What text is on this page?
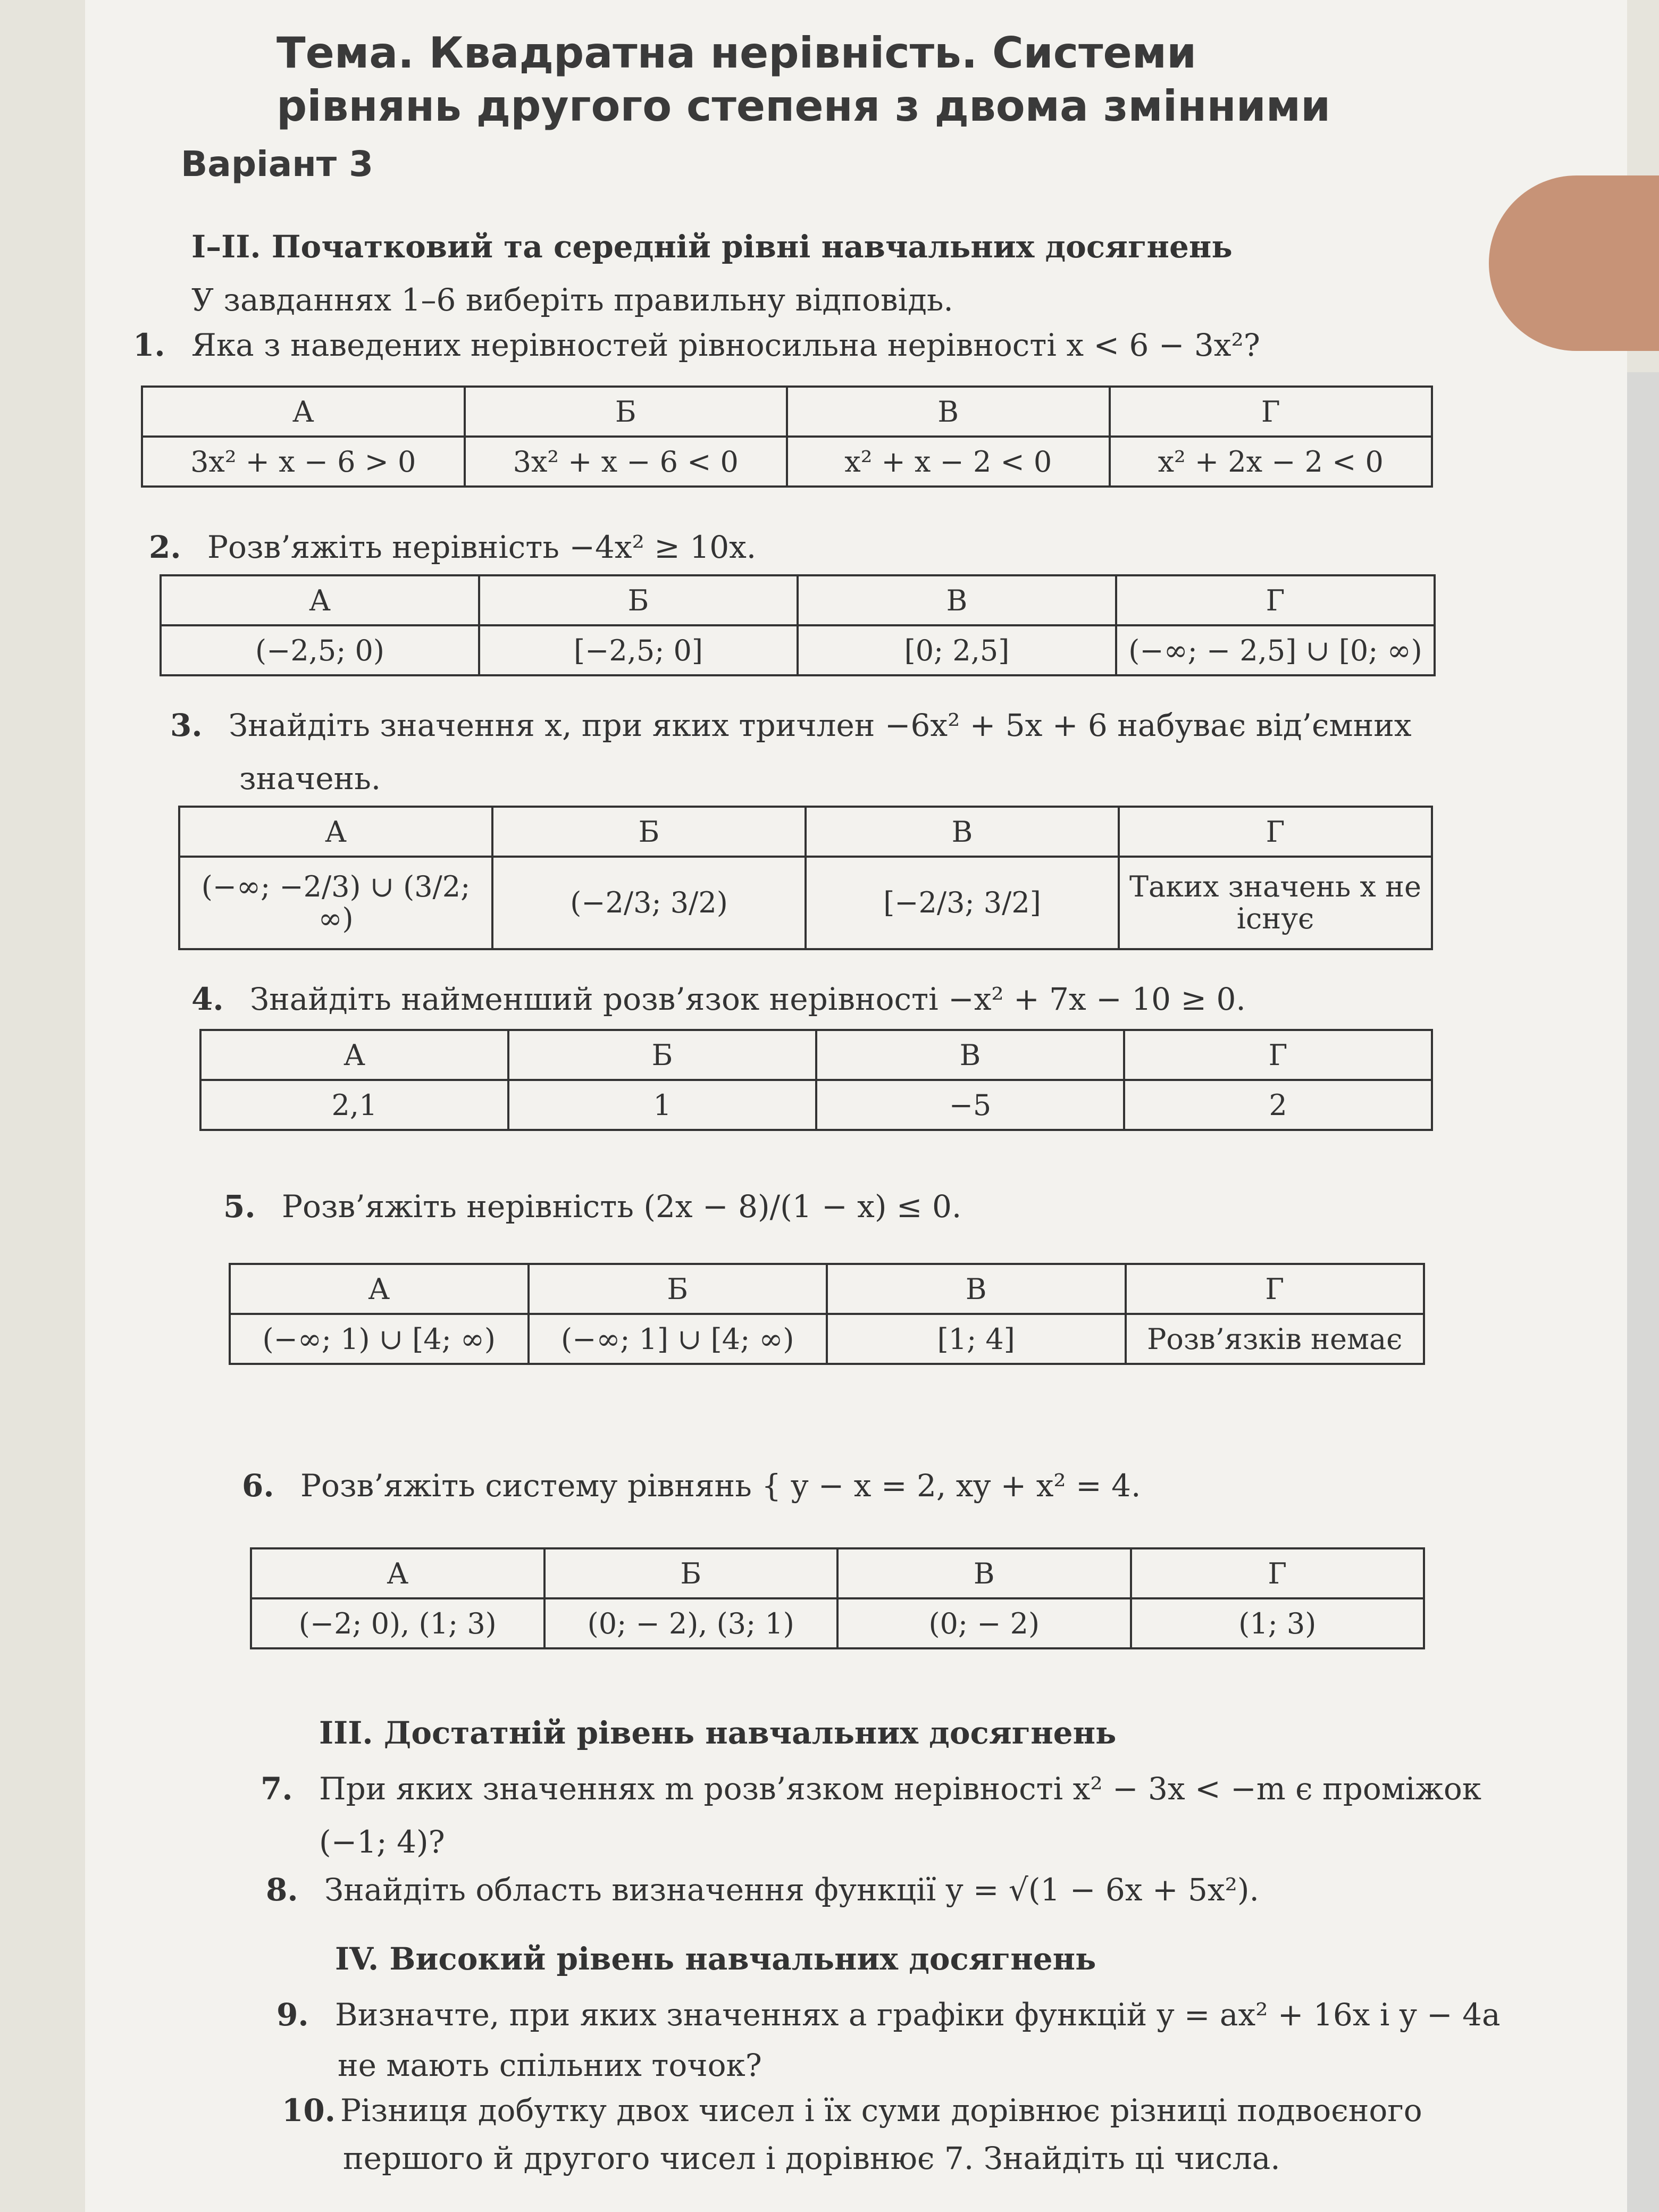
Тема. Квадратна нерівність. Системи рівнянь другого степеня з двома змінними
Варіант 3
I–II. Початковий та середній рівні навчальних досягнень
У завданнях 1–6 виберіть правильну відповідь.
1. Яка з наведених нерівностей рівносильна нерівності x < 6 − 3x²?
А	Б	В	Г
3x² + x − 6 > 0	3x² + x − 6 < 0	x² + x − 2 < 0	x² + 2x − 2 < 0
2. Розв’яжіть нерівність −4x² ≥ 10x.
А	Б	В	Г
(−2,5; 0)	[−2,5; 0]	[0; 2,5]	(−∞; − 2,5] ∪ [0; ∞)
3. Знайдіть значення x, при яких тричлен −6x² + 5x + 6 набуває від’ємних
значень.
А	Б	В	Г
(−∞; −2/3) ∪ (3/2; ∞)	(−2/3; 3/2)	[−2/3; 3/2]	Таких значень x не існує
4. Знайдіть найменший розв’язок нерівності −x² + 7x − 10 ≥ 0.
А	Б	В	Г
2,1	1	−5	2
5. Розв’яжіть нерівність (2x − 8)/(1 − x) ≤ 0.
А	Б	В	Г
(−∞; 1) ∪ [4; ∞)	(−∞; 1] ∪ [4; ∞)	[1; 4]	Розв’язків немає
6. Розв’яжіть систему рівнянь { y − x = 2, xy + x² = 4.
А	Б	В	Г
(−2; 0), (1; 3)	(0; − 2), (3; 1)	(0; − 2)	(1; 3)
III. Достатній рівень навчальних досягнень
7. При яких значеннях m розв’язком нерівності x² − 3x < −m є проміжок
(−1; 4)?
8. Знайдіть область визначення функції y = √(1 − 6x + 5x²).
IV. Високий рівень навчальних досягнень
9. Визначте, при яких значеннях a графіки функцій y = ax² + 16x і y − 4a
не мають спільних точок?
10. Різниця добутку двох чисел і їх суми дорівнює різниці подвоєного
першого й другого чисел і дорівнює 7. Знайдіть ці числа.
